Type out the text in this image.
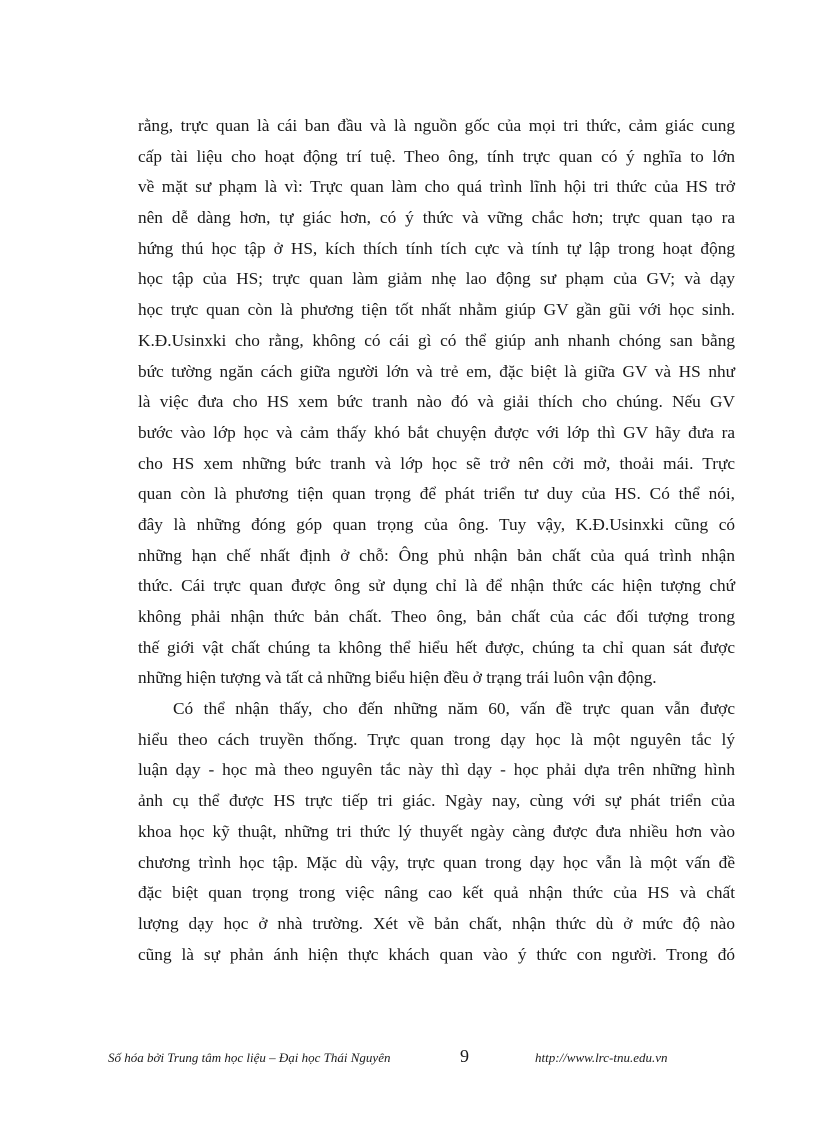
rằng, trực quan là cái ban đầu và là nguồn gốc của mọi tri thức, cảm giác cung
cấp tài liệu cho hoạt động trí tuệ. Theo ông, tính trực quan có ý nghĩa to lớn
về mặt sư phạm là vì: Trực quan làm cho quá trình lĩnh hội tri thức của HS trở
nên dễ dàng hơn, tự giác hơn, có ý thức và vững chắc hơn; trực quan tạo ra
hứng thú học tập ở HS, kích thích tính tích cực và tính tự lập trong hoạt động
học tập của HS; trực quan làm giảm nhẹ lao động sư phạm của GV; và dạy
học trực quan còn là phương tiện tốt nhất nhằm giúp GV gần gũi với học sinh.
K.Đ.Usinxki cho rằng, không có cái gì có thể giúp anh nhanh chóng san bằng
bức tường ngăn cách giữa người lớn và trẻ em, đặc biệt là giữa GV và HS như
là việc đưa cho HS xem bức tranh nào đó và giải thích cho chúng. Nếu GV
bước vào lớp học và cảm thấy khó bắt chuyện được với lớp thì GV hãy đưa ra
cho HS xem những bức tranh và lớp học sẽ trở nên cởi mở, thoải mái. Trực
quan còn là phương tiện quan trọng để phát triển tư duy của HS. Có thể nói,
đây là những đóng góp quan trọng của ông. Tuy vậy, K.Đ.Usinxki cũng có
những hạn chế nhất định ở chỗ: Ông phủ nhận bản chất của quá trình nhận
thức. Cái trực quan được ông sử dụng chỉ là để nhận thức các hiện tượng chứ
không phải nhận thức bản chất. Theo ông, bản chất của các đối tượng trong
thế giới vật chất chúng ta không thể hiểu hết được, chúng ta chỉ quan sát được
những hiện tượng và tất cả những biểu hiện đều ở trạng trái luôn vận động.
Có thể nhận thấy, cho đến những năm 60, vấn đề trực quan vẫn được
hiểu theo cách truyền thống. Trực quan trong dạy học là một nguyên tắc lý
luận dạy - học mà theo nguyên tắc này thì dạy - học phải dựa trên những hình
ảnh cụ thể được HS trực tiếp tri giác. Ngày nay, cùng với sự phát triển của
khoa học kỹ thuật, những tri thức lý thuyết ngày càng được đưa nhiều hơn vào
chương trình học tập. Mặc dù vậy, trực quan trong dạy học vẫn là một vấn đề
đặc biệt quan trọng trong việc nâng cao kết quả nhận thức của HS và chất
lượng dạy học ở nhà trường. Xét về bản chất, nhận thức dù ở mức độ nào
cũng là sự phản ánh hiện thực khách quan vào ý thức con người. Trong đó
Số hóa bởi Trung tâm học liệu – Đại học Thái Nguyên	9	http://www.lrc-tnu.edu.vn
